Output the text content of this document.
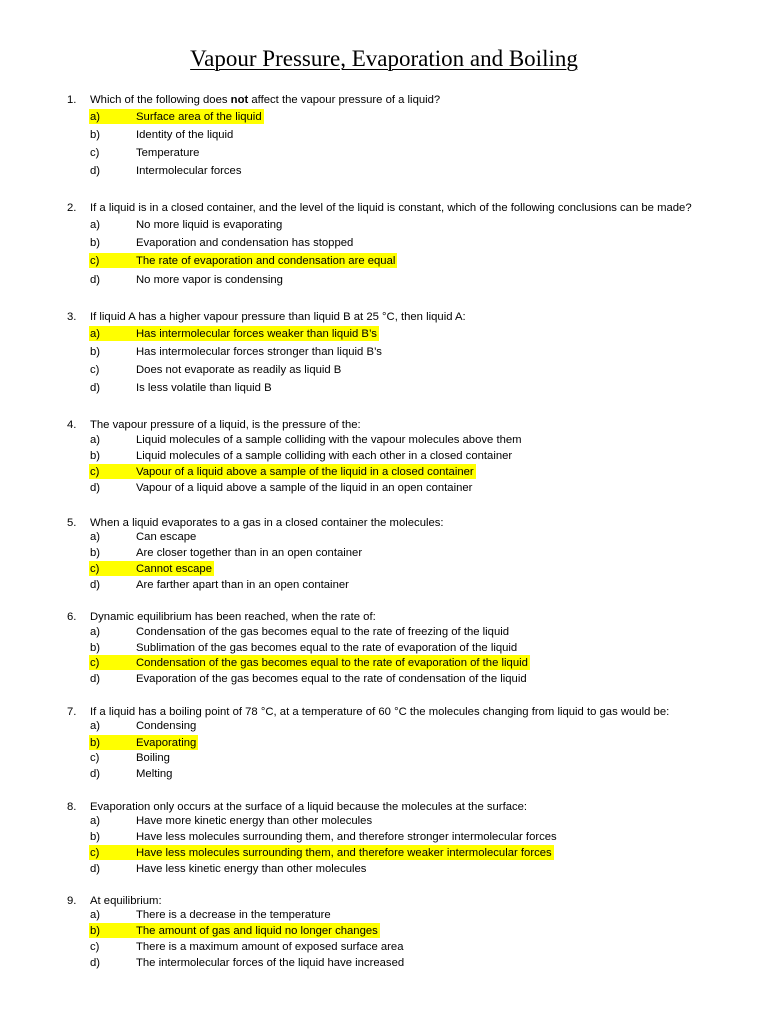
Vapour Pressure, Evaporation and Boiling
1. Which of the following does not affect the vapour pressure of a liquid?
a)	Surface area of the liquid
b)	Identity of the liquid
c)	Temperature
d)	Intermolecular forces
2. If a liquid is in a closed container, and the level of the liquid is constant, which of the following conclusions can be made?
a)	No more liquid is evaporating
b)	Evaporation and condensation has stopped
c)	The rate of evaporation and condensation are equal
d)	No more vapor is condensing
3. If liquid A has a higher vapour pressure than liquid B at 25 °C, then liquid A:
a)	Has intermolecular forces weaker than liquid B’s
b)	Has intermolecular forces stronger than liquid B’s
c)	Does not evaporate as readily as liquid B
d)	Is less volatile than liquid B
4. The vapour pressure of a liquid, is the pressure of the:
a)	Liquid molecules of a sample colliding with the vapour molecules above them
b)	Liquid molecules of a sample colliding with each other in a closed container
c)	Vapour of a liquid above a sample of the liquid in a closed container
d)	Vapour of a liquid above a sample of the liquid in an open container
5. When a liquid evaporates to a gas in a closed container the molecules:
a)	Can escape
b)	Are closer together than in an open container
c)	Cannot escape
d)	Are farther apart than in an open container
6. Dynamic equilibrium has been reached, when the rate of:
a)	Condensation of the gas becomes equal to the rate of freezing of the liquid
b)	Sublimation of the gas becomes equal to the rate of evaporation of the liquid
c)	Condensation of the gas becomes equal to the rate of evaporation of the liquid
d)	Evaporation of the gas becomes equal to the rate of condensation of the liquid
7. If a liquid has a boiling point of 78 °C, at a temperature of 60 °C the molecules changing from liquid to gas would be:
a)	Condensing
b)	Evaporating
c)	Boiling
d)	Melting
8. Evaporation only occurs at the surface of a liquid because the molecules at the surface:
a)	Have more kinetic energy than other molecules
b)	Have less molecules surrounding them, and therefore stronger intermolecular forces
c)	Have less molecules surrounding them, and therefore weaker intermolecular forces
d)	Have less kinetic energy than other molecules
9. At equilibrium:
a)	There is a decrease in the temperature
b)	The amount of gas and liquid no longer changes
c)	There is a maximum amount of exposed surface area
d)	The intermolecular forces of the liquid have increased
